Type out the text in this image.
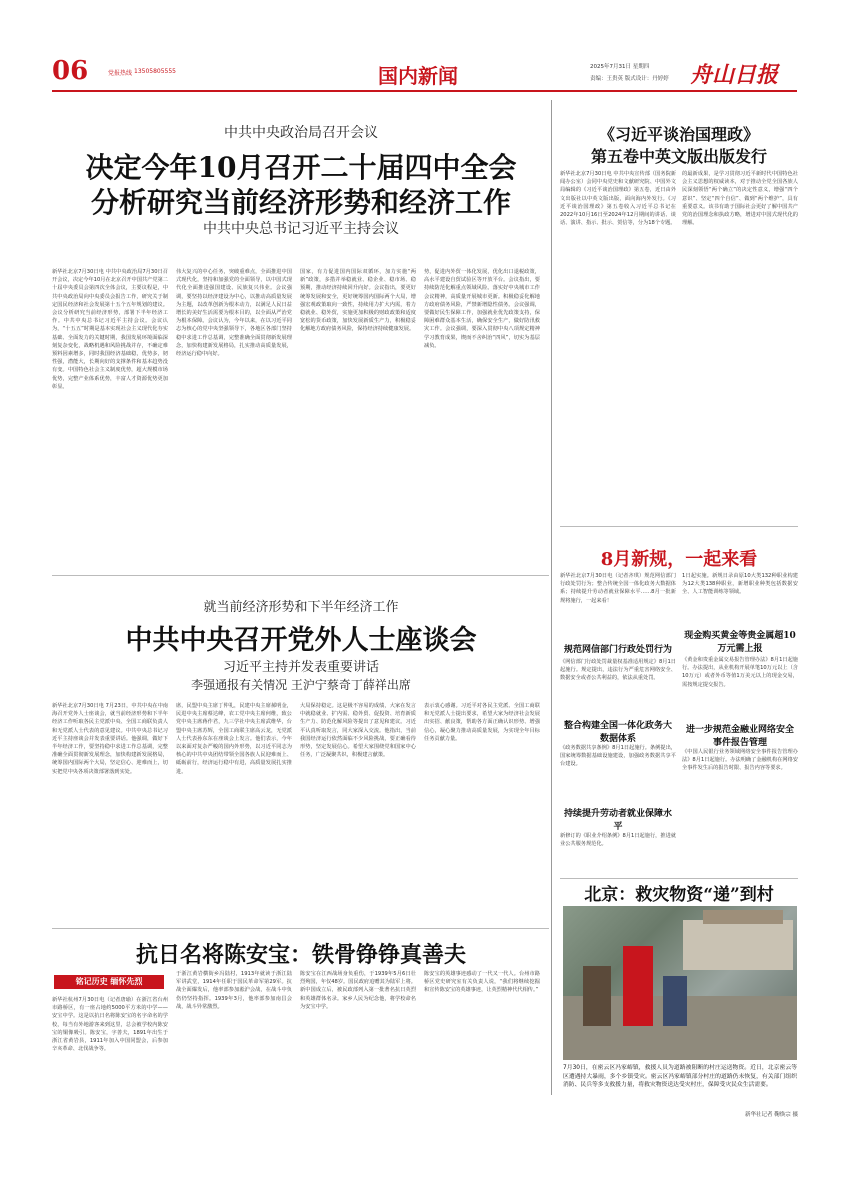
06	党报热线 13505805555	国内新闻	2025年7月31日 星期四
责编：王贵英 版式设计：丹婷婷 舟山日报
中共中央政治局召开会议
决定今年10月召开二十届四中全会
分析研究当前经济形势和经济工作
中共中央总书记习近平主持会议
新华社北京7月30日电 中共中央政治局7月30日召开会议，决定今年10月在北京召开中国共产党第二十届中央委员会第四次全体会议，主要议程是，中共中央政治局向中央委员会报告工作，研究关于制定国民经济和社会发展第十五个五年规划的建议。会议分析研究当前经济形势，部署下半年经济工作。中共中央总书记习近平主持会议。会议认为，“十五五”时期是基本实现社会主义现代化夯实基础、全面发力的关键时期，我国发展环境面临深刻复杂变化，战略机遇和风险挑战并存，不确定难预料因素增多，同时我国经济基础稳，优势多，韧性强，潜能大，长期向好的支撑条件和基本趋势没有变。中国特色社会主义制度优势，超大规模市场优势，完整产业体系优势，丰富人才资源优势更加彰显。
伟大复兴的中心任务，突破重难点，全面推进中国式现代化，坚持和加强党的全面领导，以中国式现代化全面推进强国建设、民族复兴伟业。会议强调，要坚持以经济建设为中心，以推动高质量发展为主题，以改革创新为根本动力，以满足人民日益增长的美好生活需要为根本目的，以全面从严治党为根本保障。会议认为，今年以来，在以习近平同志为核心的党中央坚强领导下，各地区各部门坚持稳中求进工作总基调，完整准确全面贯彻新发展理念，加快构建新发展格局，扎实推动高质量发展，经济运行稳中向好。
国家，有力促进国内国际双循环，加力实施“两新”政策，多措并举稳就业、稳企业、稳市场、稳预期，推动经济持续回升向好。会议指出，要更好统筹发展和安全，更好统筹国内国际两个大局，增强宏观政策取向一致性，持续用力扩大内需，着力稳就业、稳外贸，实施更加积极的财政政策和适度宽松的货币政策，加快发展新质生产力，积极稳妥化解地方政府债务风险，保持经济持续健康发展。
势，促进内外贸一体化发展，优化出口退税政策，高水平建设自贸试验区等开放平台。会议指出，要持续防范化解重点领域风险。落实好中央城市工作会议精神，高质量开展城市更新。积极稳妥化解地方政府债务风险，严禁新增隐性债务。会议强调，要做好民生保障工作，加强就业优先政策支持，保障困难群众基本生活，确保安全生产，做好防汛救灾工作。会议强调，要深入贯彻中央八项规定精神学习教育成果，锲而不舍纠治“四风”，切实为基层减负。
就当前经济形势和下半年经济工作
中共中央召开党外人士座谈会
习近平主持并发表重要讲话
李强通报有关情况 王沪宁蔡奇丁薛祥出席
新华社北京7月30日电 7月23日，中共中央在中南海召开党外人士座谈会，就当前经济形势和下半年经济工作听取各民主党派中央、全国工商联负责人和无党派人士代表的意见建议。中共中央总书记习近平主持座谈会并发表重要讲话。他强调，做好下半年经济工作，要坚持稳中求进工作总基调，完整准确全面贯彻新发展理念，加快构建新发展格局，统筹国内国际两个大局，坚定信心、迎难而上，切实把党中央各项决策部署落到实处。
席，民盟中央主席丁仲礼，民建中央主席郝明金，民进中央主席蔡达峰，农工党中央主席何维，致公党中央主席蒋作君，九三学社中央主席武维华，台盟中央主席苏辉，全国工商联主席高云龙，无党派人士代表孙东东在座谈会上发言。他们表示，今年以来面对复杂严峻的国内外形势，以习近平同志为核心的中共中央团结带领全国各族人民迎难而上、砥砺前行，经济运行稳中有进，高质量发展扎实推进。
大局保持稳定。这是极不容易的成绩，大家在发言中就稳就业、扩内需、稳外贸、促投资、培育新质生产力、防范化解风险等提出了意见和建议。习近平认真听取发言，同大家深入交流。他指出，当前我国经济运行依然面临不少风险挑战，要正确看待形势，坚定发展信心。希望大家围绕党和国家中心任务，广泛凝聚共识，积极建言献策。
表示衷心感谢。习近平对各民主党派、全国工商联和无党派人士提出要求，希望大家为经济社会发展出实招、献良策，帮助各方面正确认识形势、增强信心，凝心聚力推动高质量发展，为实现全年目标任务贡献力量。
抗日名将陈安宝：铁骨铮铮真善夫
铭记历史 缅怀先烈
新华社杭州7月30日电（记者唐瑜）在浙江省台州市路桥区，有一座占地约5000平方米的中学——安宝中学。这是以抗日名将陈安宝的名字命名的学校，每当有外地游客来到这里，总会被学校内陈安宝的铜像吸引。陈安宝，字善夫，1891年出生于浙江省黄岩县，1911年加入中国同盟会，后参加辛亥革命、北伐战争等。
于浙江黄岩横街乡冯陆村，1913年就读于浙江陆军讲武堂，1914年任职于国民革命军第29军。抗战全面爆发后，他率部参加淞沪会战，在战斗中负伤仍坚持指挥。1939年3月，他率部参加南昌会战，战斗异常激烈。
陈安宝在江西战场身负重伤，于1939年5月6日壮烈殉国，年仅48岁。国民政府追赠其为陆军上将。新中国成立后，被民政部列入第一批著名抗日英烈和英雄群体名录。家乡人民为纪念他，将学校命名为安宝中学。
陈安宝的英雄事迹感动了一代又一代人。台州市路桥区党史研究室有关负责人说，“我们将继续挖掘和宣传陈安宝的英雄事迹，让英烈精神代代相传。”
《习近平谈治国理政》
第五卷中英文版出版发行
新华社北京7月30日电 中共中央宣传部（国务院新闻办公室）会同中央党史和文献研究院、中国外文局编辑的《习近平谈治国理政》第五卷，近日由外文出版社以中英文版出版，面向海内外发行。《习近平谈治国理政》第五卷收入习近平总书记在2022年10月16日至2024年12月期间的讲话、谈话、演讲、指示、批示、贺信等，分为18个专题。
的最新成果，是学习贯彻习近平新时代中国特色社会主义思想的权威读本，对于推动全党全国各族人民深刻领悟“两个确立”的决定性意义，增强“四个意识”、坚定“四个自信”、做到“两个维护”，具有重要意义。该书有助于国际社会更好了解中国共产党的治国理念和执政方略，增进对中国式现代化的理解。
8月新规，一起来看
新华社北京7月30日电（记者齐琪）规范网信部门行政处罚行为；整合传统全国一体化政务大数据体系；持续提升劳动者就业保障水平……8月一批新规将施行，一起来看！
规范网信部门行政处罚行为
《网信部门行政处罚裁量权基准适用规定》8月1日起施行。规定提出，违法行为严重危害网络安全、数据安全或者公共利益的，依法从重处罚。
整合构建全国一体化政务大数据体系
《政务数据共享条例》8月1日起施行。条例提出，国家统筹数据基础设施建设，加强政务数据共享平台建设。
持续提升劳动者就业保障水平
新修订的《职业介绍条例》8月1日起施行，推进就业公共服务规范化。
1日起实施。新规日录由原10大类132种职业构建为12大类138种职业，新增职业种类包括数据安全、人工智能训练等领域。
现金购买黄金等贵金属超10万元需上报
《黄金和贵重金属交易报告管理办法》8月1日起施行。办法提出，从业机构开展单笔10万元以上（含10万元）或者外币等值1万美元以上的现金交易，需按规定提交报告。
进一步规范金融业网络安全事件报告管理
《中国人民银行业务领域网络安全事件报告管理办法》8月1日起施行。办法明确了金融机构在网络安全事件发生后的报告时限、报告内容等要求。
北京：救灾物资“递”到村
7月30日，在密云区冯家峪镇，救援人员为道路被阻断的村庄运送物资。近日，北京密云等区遭遇持大暴雨，多个乡镇受灾。密云区冯家峪镇部分村庄的道路仍未恢复，有关部门组织消防、民兵等多支救援力量，将救灾物资送达受灾村庄，保障受灾民众生活需要。
新华社记者 鞠焕宗 摄
